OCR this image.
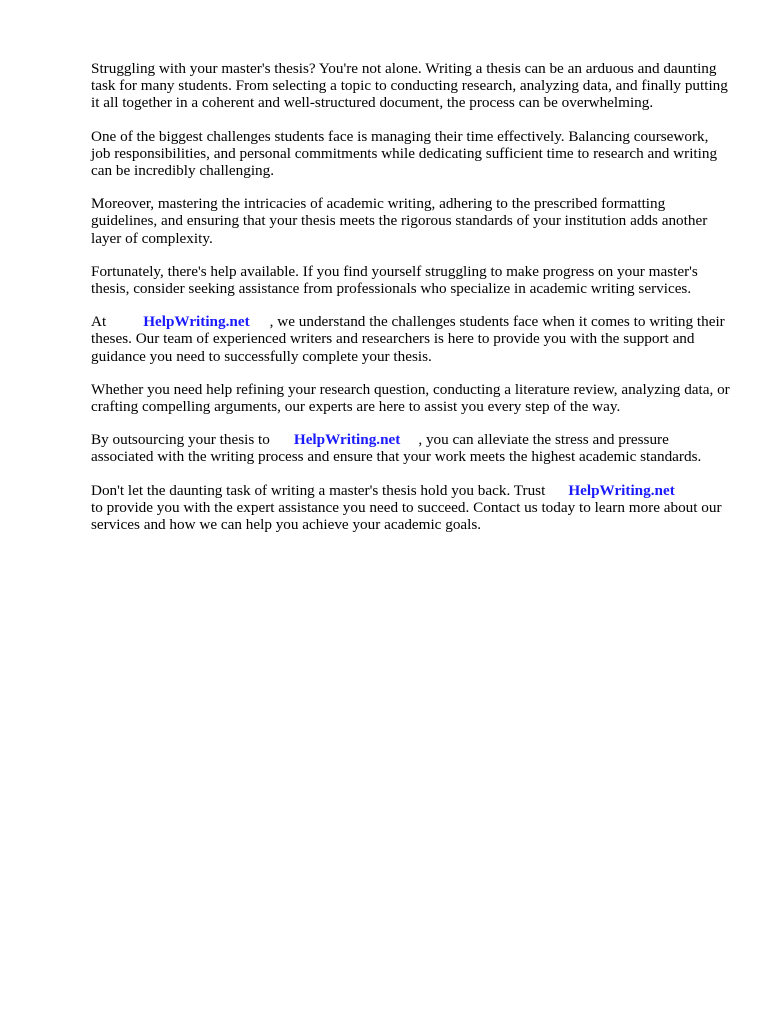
Struggling with your master's thesis? You're not alone. Writing a thesis can be an arduous and daunting task for many students. From selecting a topic to conducting research, analyzing data, and finally putting it all together in a coherent and well-structured document, the process can be overwhelming.

One of the biggest challenges students face is managing their time effectively. Balancing coursework, job responsibilities, and personal commitments while dedicating sufficient time to research and writing can be incredibly challenging.

Moreover, mastering the intricacies of academic writing, adhering to the prescribed formatting guidelines, and ensuring that your thesis meets the rigorous standards of your institution adds another layer of complexity.

Fortunately, there's help available. If you find yourself struggling to make progress on your master's thesis, consider seeking assistance from professionals who specialize in academic writing services.

At HelpWriting.net , we understand the challenges students face when it comes to writing their theses. Our team of experienced writers and researchers is here to provide you with the support and guidance you need to successfully complete your thesis.

Whether you need help refining your research question, conducting a literature review, analyzing data, or crafting compelling arguments, our experts are here to assist you every step of the way.

By outsourcing your thesis to HelpWriting.net , you can alleviate the stress and pressure associated with the writing process and ensure that your work meets the highest academic standards.

Don't let the daunting task of writing a master's thesis hold you back. Trust HelpWriting.net
to provide you with the expert assistance you need to succeed. Contact us today to learn more about our services and how we can help you achieve your academic goals.
